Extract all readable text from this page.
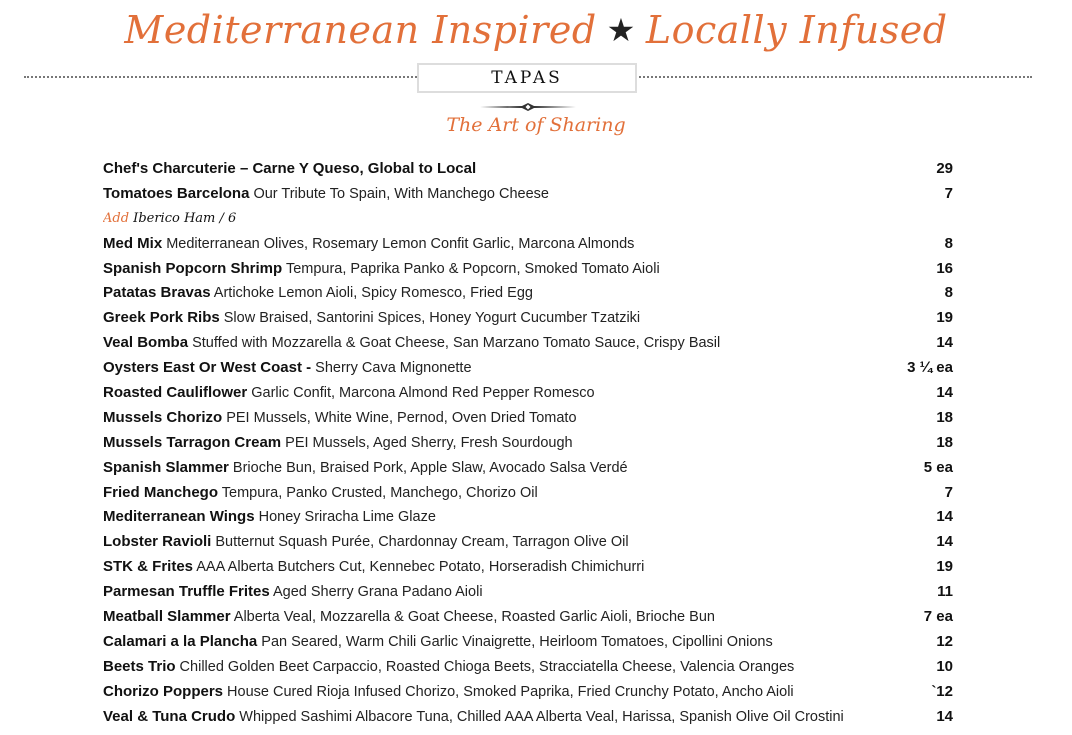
Mediterranean Inspired ★ Locally Infused
TAPAS
The Art of Sharing
Chef's Charcuterie – Carne Y Queso, Global to Local	29
Tomatoes Barcelona Our Tribute To Spain, With Manchego Cheese	7
Add Iberico Ham / 6
Med Mix Mediterranean Olives, Rosemary Lemon Confit Garlic, Marcona Almonds	8
Spanish Popcorn Shrimp Tempura, Paprika Panko & Popcorn, Smoked Tomato Aioli	16
Patatas Bravas Artichoke Lemon Aioli, Spicy Romesco, Fried Egg	8
Greek Pork Ribs Slow Braised, Santorini Spices, Honey Yogurt Cucumber Tzatziki	19
Veal Bomba Stuffed with Mozzarella & Goat Cheese, San Marzano Tomato Sauce, Crispy Basil	14
Oysters East Or West Coast - Sherry Cava Mignonette	3 ¼ ea
Roasted Cauliflower Garlic Confit, Marcona Almond Red Pepper Romesco	14
Mussels Chorizo PEI Mussels, White Wine, Pernod, Oven Dried Tomato	18
Mussels Tarragon Cream PEI Mussels, Aged Sherry, Fresh Sourdough	18
Spanish Slammer Brioche Bun, Braised Pork, Apple Slaw, Avocado Salsa Verdé	5 ea
Fried Manchego Tempura, Panko Crusted, Manchego, Chorizo Oil	7
Mediterranean Wings Honey Sriracha Lime Glaze	14
Lobster Ravioli Butternut Squash Purée, Chardonnay Cream, Tarragon Olive Oil	14
STK & Frites AAA Alberta Butchers Cut, Kennebec Potato, Horseradish Chimichurri	19
Parmesan Truffle Frites Aged Sherry Grana Padano Aioli	11
Meatball Slammer Alberta Veal, Mozzarella & Goat Cheese, Roasted Garlic Aioli, Brioche Bun	7 ea
Calamari a la Plancha Pan Seared, Warm Chili Garlic Vinaigrette, Heirloom Tomatoes, Cipollini Onions	12
Beets Trio Chilled Golden Beet Carpaccio, Roasted Chioga Beets, Stracciatella Cheese, Valencia Oranges	10
Chorizo Poppers House Cured Rioja Infused Chorizo, Smoked Paprika, Fried Crunchy Potato, Ancho Aioli	`12
Veal & Tuna Crudo Whipped Sashimi Albacore Tuna, Chilled AAA Alberta Veal, Harissa, Spanish Olive Oil Crostini	14
